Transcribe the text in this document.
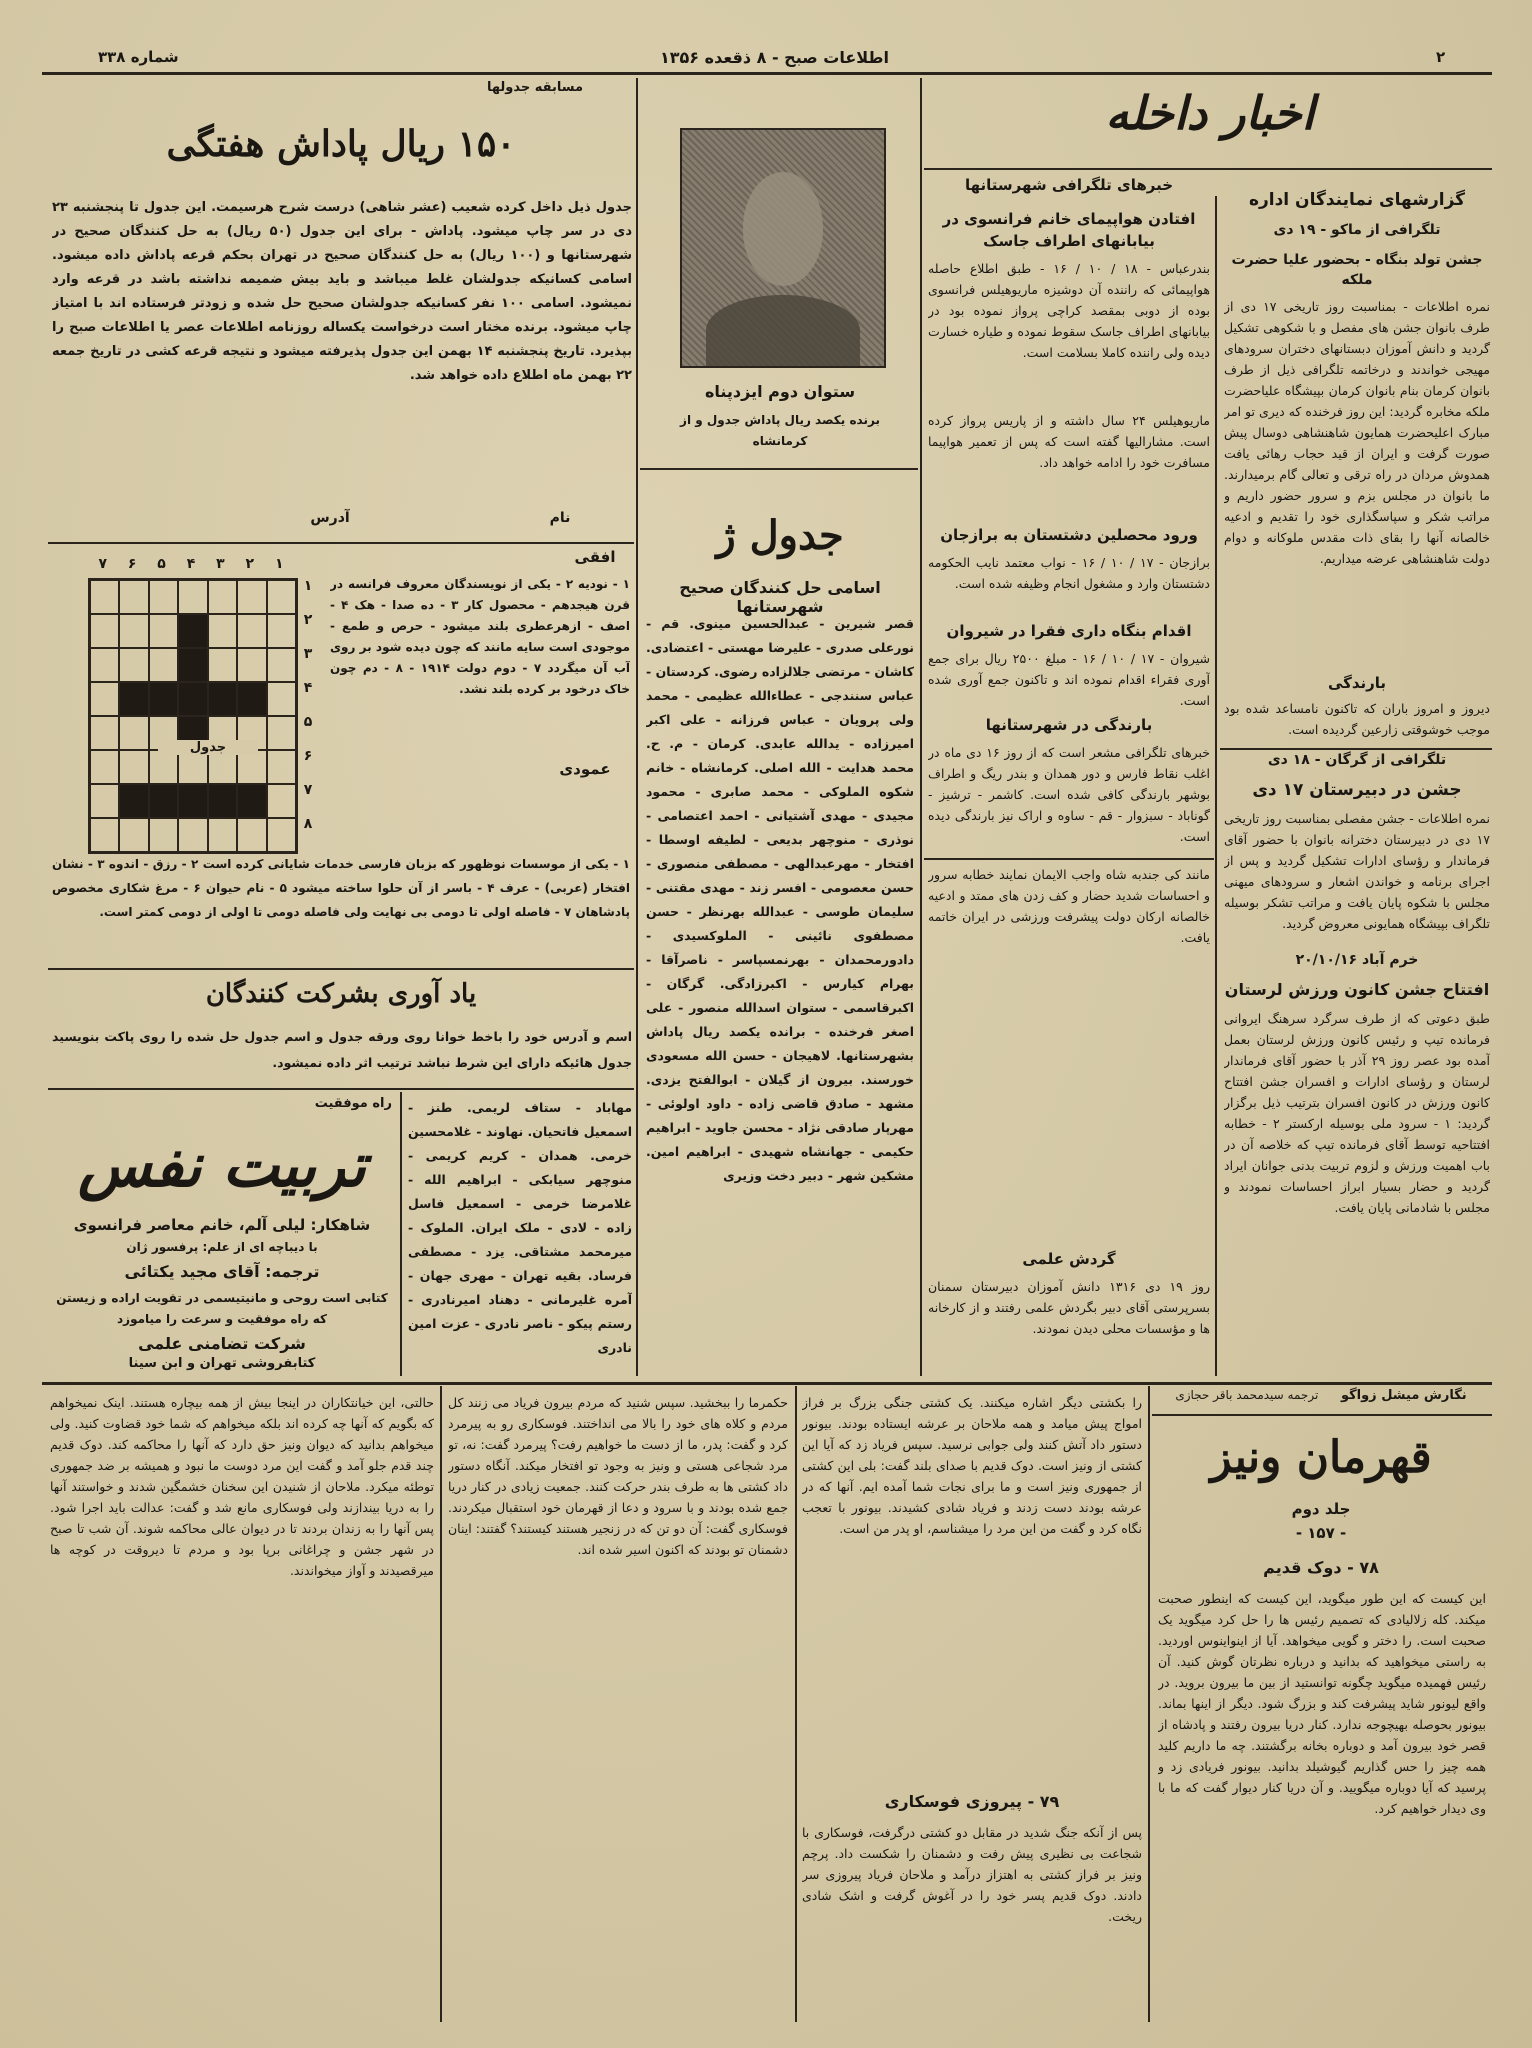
شماره ۳۳۸	اطلاعات صبح - ۸ ذقعده ۱۳۵۶	۲
اخبار داخله
گزارشهای نمایندگان اداره
تلگرافی از ماکو - ۱۹ دی
جشن تولد بنگاه - بحضور علیا حضرت ملکه
نمره اطلاعات - بمناسبت روز تاریخی ۱۷ دی از طرف بانوان جشن های مفصل و با شکوهی تشکیل گردید و دانش آموزان دبستانهای دختران سرودهای مهیجی خواندند و درخاتمه تلگرافی ذیل از طرف بانوان کرمان بنام بانوان کرمان بپیشگاه علیاحضرت ملکه مخابره گردید: این روز فرخنده که دیری تو امر مبارک اعلیحضرت همایون شاهنشاهی دوسال پیش صورت گرفت و ایران از قید حجاب رهائی یافت همدوش مردان در راه ترقی و تعالی گام برمیدارند. ما بانوان در مجلس بزم و سرور حضور داریم و مراتب شکر و سپاسگذاری خود را تقدیم و ادعیه خالصانه آنها را بقای ذات مقدس ملوکانه و دوام دولت شاهنشاهی عرضه میداریم.
بارندگی
دیروز و امروز باران که تاکنون نامساعد شده بود موجب خوشوقتی زارعین گردیده است.
تلگرافی از گرگان - ۱۸ دی
جشن در دبیرستان ۱۷ دی
نمره اطلاعات - جشن مفصلی بمناسبت روز تاریخی ۱۷ دی در دبیرستان دخترانه بانوان با حضور آقای فرماندار و رؤسای ادارات تشکیل گردید و پس از اجرای برنامه و خواندن اشعار و سرودهای میهنی مجلس با شکوه پایان یافت و مراتب تشکر بوسیله تلگراف بپیشگاه همایونی معروض گردید.
خرم آباد ۲۰/۱۰/۱۶
افتتاح جشن کانون ورزش لرستان
طبق دعوتی که از طرف سرگرد سرهنگ ایروانی فرمانده تیپ و رئیس کانون ورزش لرستان بعمل آمده بود عصر روز ۲۹ آذر با حضور آقای فرماندار لرستان و رؤسای ادارات و افسران جشن افتتاح کانون ورزش در کانون افسران بترتیب ذیل برگزار گردید: ۱ - سرود ملی بوسیله ارکستر ۲ - خطابه افتتاحیه توسط آقای فرمانده تیپ که خلاصه آن در باب اهمیت ورزش و لزوم تربیت بدنی جوانان ایراد گردید و حضار بسیار ابراز احساسات نمودند و مجلس با شادمانی پایان یافت.
خبرهای تلگرافی شهرستانها
افتادن هواپیمای خانم فرانسوی در بیابانهای اطراف جاسک
بندرعباس - ۱۸ / ۱۰ / ۱۶ - طبق اطلاع حاصله هواپیمائی که راننده آن دوشیزه ماریوهیلس فرانسوی بوده از دوبی بمقصد کراچی پرواز نموده بود در بیابانهای اطراف جاسک سقوط نموده و طیاره خسارت دیده ولی راننده کاملا بسلامت است.
ماریوهیلس ۲۴ سال داشته و از پاریس پرواز کرده است. مشارالیها گفته است که پس از تعمیر هواپیما مسافرت خود را ادامه خواهد داد.
ورود محصلین دشتستان به برازجان
برازجان - ۱۷ / ۱۰ / ۱۶ - نواب معتمد نایب الحکومه دشتستان وارد و مشغول انجام وظیفه شده است.
اقدام بنگاه داری فقرا در شیروان
شیروان - ۱۷ / ۱۰ / ۱۶ - مبلغ ۲۵۰۰ ریال برای جمع آوری فقراء اقدام نموده اند و تاکنون جمع آوری شده است.
بارندگی در شهرستانها
خبرهای تلگرافی مشعر است که از روز ۱۶ دی ماه در اغلب نقاط فارس و دور همدان و بندر ریگ و اطراف بوشهر بارندگی کافی شده است. کاشمر - ترشیز - گوناباد - سبزوار - قم - ساوه و اراک نیز بارندگی دیده است.
مانند کی جندبه شاه واجب الایمان نمایند خطابه سرور و احساسات شدید حضار و کف زدن های ممتد و ادعیه خالصانه ارکان دولت پیشرفت ورزشی در ایران خاتمه یافت.
گردش علمی
روز ۱۹ دی ۱۳۱۶ دانش آموزان دبیرستان سمنان بسرپرستی آقای دبیر بگردش علمی رفتند و از کارخانه ها و مؤسسات محلی دیدن نمودند.
مسابقه جدولها
۱۵۰ ریال پاداش هفتگی
جدول ذیل داخل کرده شعیب (عشر شاهی) درست شرح هرسیمت. این جدول تا پنجشنبه ۲۳ دی در سر چاپ میشود. پاداش - برای این جدول (۵۰ ریال) به حل کنندگان صحیح در شهرستانها و (۱۰۰ ریال) به حل کنندگان صحیح در تهران بحکم قرعه پاداش داده میشود. اسامی کسانیکه جدولشان غلط میباشد و باید بیش ضمیمه نداشته باشد در قرعه وارد نمیشود. اسامی ۱۰۰ نفر کسانیکه جدولشان صحیح حل شده و زودتر فرستاده اند با امتیاز چاپ میشود. برنده مختار است درخواست یکساله روزنامه اطلاعات عصر یا اطلاعات صبح را بپذیرد. تاریخ پنجشنبه ۱۴ بهمن این جدول پذیرفته میشود و نتیجه قرعه کشی در تاریخ جمعه ۲۲ بهمن ماه اطلاع داده خواهد شد.
آدرس	نام
جدول
۷	۶	۵	۴	۳	۲	۱
۱
۲
۳
۴
۵
۶
۷
۸
افقی
۱ - نودیه ۲ - یکی از نویسندگان معروف فرانسه در قرن هیجدهم - محصول کار ۳ - ده صدا - هک ۴ - اصف - ازهرعطری بلند میشود - حرص و طمع - موجودی است سایه مانند که چون دیده شود بر روی آب آن میگردد ۷ - دوم دولت ۱۹۱۴ - ۸ - دم چون خاک درخود بر کرده بلند نشد.
عمودی
۱ - یکی از موسسات نوظهور که بزبان فارسی خدمات شایانی کرده است ۲ - رزق - اندوه ۳ - نشان افتخار (عربی) - عرف ۴ - باسر از آن حلوا ساخته میشود ۵ - نام حیوان ۶ - مرغ شکاری مخصوص پادشاهان ۷ - فاصله اولی تا دومی بی نهایت ولی فاصله دومی تا اولی از دومی کمتر است.
یاد آوری بشرکت کنندگان
اسم و آدرس خود را باخط خوانا روی ورقه جدول و اسم جدول حل شده را روی پاکت بنویسید جدول هائیکه دارای این شرط نباشد ترتیب اثر داده نمیشود.
ستوان دوم ایزدپناه
برنده یکصد ریال پاداش جدول و از کرمانشاه
جدول ژ
اسامی حل کنندگان صحیح شهرستانها
قصر شیرین - عبدالحسین مینوی. قم - نورعلی صدری - علیرضا مهستی - اعتضادی. کاشان - مرتضی جلالزاده رضوی. کردستان - عباس سنندجی - عطاءالله عظیمی - محمد ولی پرویان - عباس فرزانه - علی اکبر امیرزاده - یدالله عابدی. کرمان - م. ح. محمد هدایت - الله اصلی. کرمانشاه - خانم شکوه الملوکی - محمد صابری - محمود مجیدی - مهدی آشتیانی - احمد اعتصامی - نوذری - منوچهر بدیعی - لطیفه اوسطا - افتخار - مهرعبدالهی - مصطفی منصوری - حسن معصومی - افسر زند - مهدی مقتنی - سلیمان طوسی - عبدالله بهرنظر - حسن مصطفوی نائینی - الملوکسیدی - دادورمحمدان - بهرنمسپاسر - ناصرآقا - بهرام کیارس - اکبرزادگی. گرگان - اکبرقاسمی - ستوان اسدالله منصور - علی اصغر فرخنده - برانده یکصد ریال پاداش بشهرستانها. لاهیجان - حسن الله مسعودی خورسند. بیرون از گیلان - ابوالفتح یزدی. مشهد - صادق قاضی زاده - داود اولوئی - مهرپار صادقی نژاد - محسن جاوید - ابراهیم حکیمی - جهانشاه شهیدی - ابراهیم امین. مشکین شهر - دبیر دخت وزیری
مهاباد - ستاف لریمی. طنز - اسمعیل فاتحیان. نهاوند - غلامحسین خرمی. همدان - کریم کریمی - منوچهر سیابکی - ابراهیم الله - غلامرضا خرمی - اسمعیل فاسل زاده - لادی - ملک ایران. الملوک - میرمحمد مشتاقی. یزد - مصطفی فرساد. بقیه تهران - مهری جهان - آمره غلیرمانی - دهناد امیرنادری - رستم پیکو - ناصر نادری - عزت امین نادری
راه موفقیت
تربیت نفس
شاهکار: لیلی آلم، خانم معاصر فرانسوی
با دیباچه ای از علم: پرفسور ژان
ترجمه: آقای مجید یکتائی
کتابی است روحی و مانیتیسمی در تقویت اراده و زیستن که راه موفقیت و سرعت را میاموزد
شرکت تضامنی علمی
کتابفروشی تهران و ابن سینا
نگارش میشل زواگو     ترجمه سیدمحمد باقر حجازی
قهرمان ونیز
جلد دوم
- ۱۵۷ -
۷۸ - دوک قدیم
این کیست که این طور میگوید، این کیست که اینطور صحبت میکند. کله زلالیادی که تصمیم رئیس ها را حل کرد میگوید یک صحبت است. را دختر و گویی میخواهد. آیا از اینواینوس اوردید. به راستی میخواهید که بدانید و درباره نظرتان گوش کنید. آن رئیس فهمیده میگوید چگونه توانستید از بین ما بیرون بروید. در واقع لیونور شاید پیشرفت کند و بزرگ شود. دیگر از اینها بماند. بیونور بحوصله بهیچوجه ندارد. کنار دریا بیرون رفتند و پادشاه از قصر خود بیرون آمد و دوباره بخانه برگشتند. چه ما داریم کلید همه چیز را حس گذاریم گیوشیلد بدانید. بیونور فریادی زد و پرسید که آیا دوباره میگویید. و آن دریا کنار دیوار گفت که ما با وی دیدار خواهیم کرد.
را بکشتی دیگر اشاره میکنند. یک کشتی جنگی بزرگ بر فراز امواج پیش میامد و همه ملاحان بر عرشه ایستاده بودند. بیونور دستور داد آتش کنند ولی جوابی نرسید. سپس فریاد زد که آیا این کشتی از ونیز است. دوک قدیم با صدای بلند گفت: بلی این کشتی از جمهوری ونیز است و ما برای نجات شما آمده ایم. آنها که در عرشه بودند دست زدند و فریاد شادی کشیدند. بیونور با تعجب نگاه کرد و گفت من این مرد را میشناسم، او پدر من است.
۷۹ - پیروزی فوسکاری
پس از آنکه جنگ شدید در مقابل دو کشتی درگرفت، فوسکاری با شجاعت بی نظیری پیش رفت و دشمنان را شکست داد. پرچم ونیز بر فراز کشتی به اهتزاز درآمد و ملاحان فریاد پیروزی سر دادند. دوک قدیم پسر خود را در آغوش گرفت و اشک شادی ریخت.
حکمرما را ببخشید. سپس شنید که مردم بیرون فریاد می زنند کل مردم و کلاه های خود را بالا می انداختند. فوسکاری رو به پیرمرد کرد و گفت: پدر، ما از دست ما خواهیم رفت؟ پیرمرد گفت: نه، تو مرد شجاعی هستی و ونیز به وجود تو افتخار میکند. آنگاه دستور داد کشتی ها به طرف بندر حرکت کنند. جمعیت زیادی در کنار دریا جمع شده بودند و با سرود و دعا از قهرمان خود استقبال میکردند. فوسکاری گفت: آن دو تن که در زنجیر هستند کیستند؟ گفتند: اینان دشمنان تو بودند که اکنون اسیر شده اند.
حالتی، این خیانتکاران در اینجا بیش از همه بیچاره هستند. اینک نمیخواهم که بگویم که آنها چه کرده اند بلکه میخواهم که شما خود قضاوت کنید. ولی میخواهم بدانید که دیوان ونیز حق دارد که آنها را محاکمه کند. دوک قدیم چند قدم جلو آمد و گفت این مرد دوست ما نبود و همیشه بر ضد جمهوری توطئه میکرد. ملاحان از شنیدن این سخنان خشمگین شدند و خواستند آنها را به دریا بیندازند ولی فوسکاری مانع شد و گفت: عدالت باید اجرا شود. پس آنها را به زندان بردند تا در دیوان عالی محاکمه شوند. آن شب تا صبح در شهر جشن و چراغانی برپا بود و مردم تا دیروقت در کوچه ها میرقصیدند و آواز میخواندند.
